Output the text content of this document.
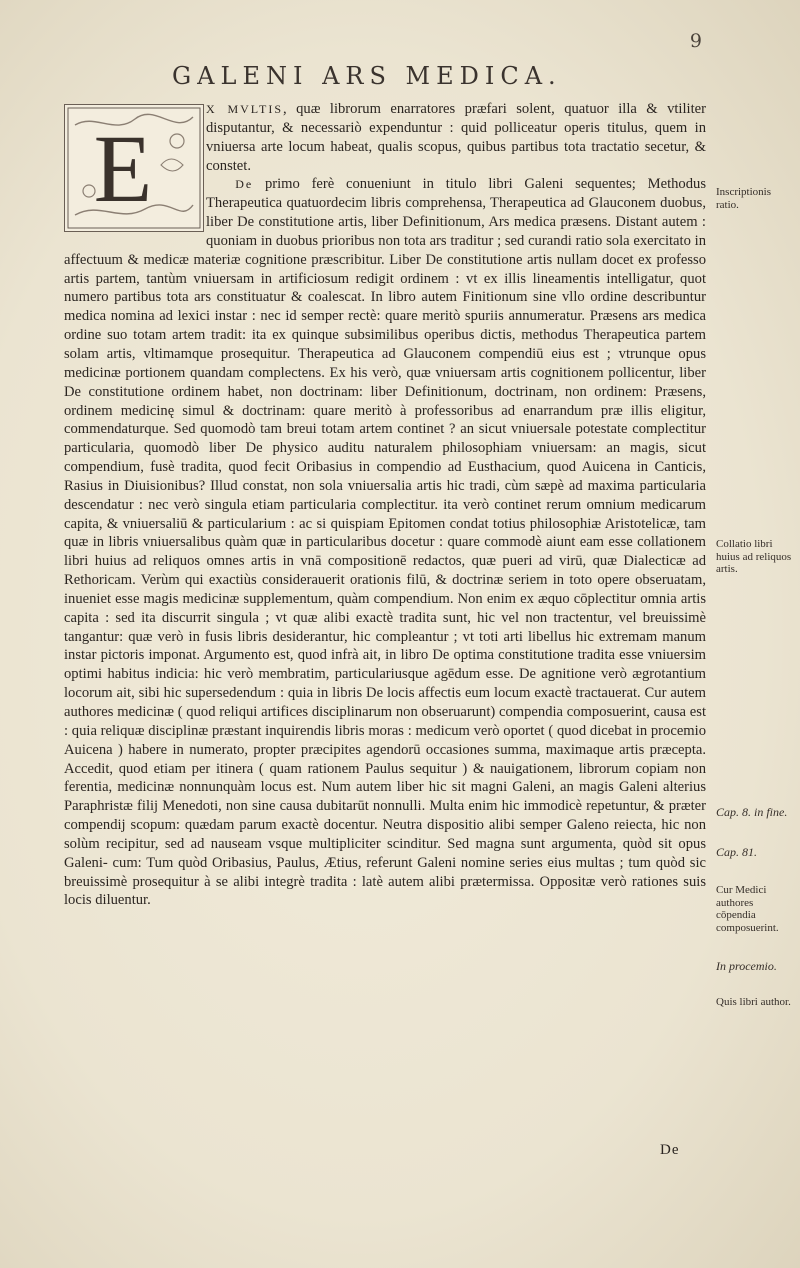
9
GALENI ARS MEDICA.

X MVLTIS, quæ librorum enarratores præfari solent, quatuor illa & vtiliter disputantur, & necessariò expenduntur : quid polliceatur operis titulus, quem in vniuersa arte locum habeat, qualis scopus, quibus partibus tota tractatio secetur, & constet.

  De primo ferè conueniunt in titulo libri Galeni sequentes; Methodus Therapeutica quatuordecim libris comprehensa, Therapeutica ad Glauconem duobus, liber De constitutione artis, liber Definitionum, Ars medica præsens. Distant autem : quoniam in duobus prioribus non tota ars traditur ; sed curandi ratio sola exercitato in affectuum & medicæ materiæ cognitione præscribitur. Liber De constitutione artis nullam docet ex professo artis partem, tantùm vniuersam in artificiosum redigit ordinem : vt ex illis lineamentis intelligatur, quot numero partibus tota ars constituatur & coalescat. In libro autem Finitionum sine vllo ordine describuntur medica nomina ad lexici instar : nec id semper rectè: quare meritò spuriis annumeratur. Præsens ars medica ordine suo totam artem tradit: ita ex quinque subsimilibus operibus dictis, methodus Therapeutica partem solam artis, vltimamque prosequitur. Therapeutica ad Glauconem compendiū eius est ; vtrunque opus medicinæ portionem quandam complectens. Ex his verò, quæ vniuersam artis cognitionem pollicentur, liber De constitutione ordinem habet, non doctrinam: liber Definitionum, doctrinam, non ordinem: Præsens, ordinem medicinę simul & doctrinam: quare meritò à professoribus ad enarrandum præ illis eligitur, commendaturque. Sed quomodò tam breui totam artem continet ? an sicut vniuersale potestate complectitur particularia, quomodò liber De physico auditu naturalem philosophiam vniuersam: an magis, sicut compendium, fusè tradita, quod fecit Oribasius in compendio ad Eusthacium, quod Auicena in Canticis, Rasius in Diuisionibus? Illud constat, non sola vniuersalia artis hic tradi, cùm sæpè ad maxima particularia descendatur : nec verò singula etiam particularia complectitur. ita verò continet rerum omnium medicarum capita, & vniuersaliū & particularium : ac si quispiam Epitomen condat totius philosophiæ Aristotelicæ, tam quæ in libris vniuersalibus quàm quæ in particularibus docetur : quare commodè aiunt eam esse collationem libri huius ad reliquos omnes artis in vnā compositionē redactos, quæ pueri ad virū, quæ Dialecticæ ad Rethoricam. Verùm qui exactiùs considerauerit orationis filū, & doctrinæ seriem in toto opere obseruatam, inueniet esse magis medicinæ supplementum, quàm compendium. Non enim ex æquo cōplectitur omnia artis capita : sed ita discurrit singula ; vt quæ alibi exactè tradita sunt, hic vel non tractentur, vel breuissimè tangantur: quæ verò in fusis libris desiderantur, hic compleantur ; vt toti arti libellus hic extremam manum instar pictoris imponat. Argumento est, quod infrà ait, in libro De optima constitutione tradita esse vniuersim optimi habitus indicia: hic verò membratim, particulariusque agēdum esse. De agnitione verò ægrotantium locorum ait, sibi hic supersedendum : quia in libris De locis affectis eum locum exactè tractauerat. Cur autem authores medicinæ ( quod reliqui artifices disciplinarum non obseruarunt) compendia composuerint, causa est : quia reliquæ disciplinæ præstant inquirendis libris moras : medicum verò oportet ( quod dicebat in procemio Auicena ) habere in numerato, propter præcipites agendorū occasiones summa, maximaque artis præcepta. Accedit, quod etiam per itinera ( quam rationem Paulus sequitur ) & nauigationem, librorum copiam non ferentia, medicinæ nonnunquàm locus est. Num autem liber hic sit magni Galeni, an magis Galeni alterius Paraphristæ filij Menedoti, non sine causa dubitarūt nonnulli. Multa enim hic immodicè repetuntur, & præter compendij scopum: quædam parum exactè docentur. Neutra dispositio alibi semper Galeno reiecta, hic non solùm recipitur, sed ad nauseam vsque multipliciter scinditur. Sed magna sunt argumenta, quòd sit opus Galeni- cum: Tum quòd Oribasius, Paulus, Ætius, referunt Galeni nomine series eius multas ; tum quòd sic breuissimè prosequitur à se alibi integrè tradita : latè autem alibi prætermissa. Oppositæ verò rationes suis locis diluentur.

E	Inscriptionis ratio.
Collatio libri huius ad reliquos artis.
Cap. 8. in fine.
Cap. 81.
Cur Medici authores cōpendia composuerint.
In procemio.
Quis libri author.
De
